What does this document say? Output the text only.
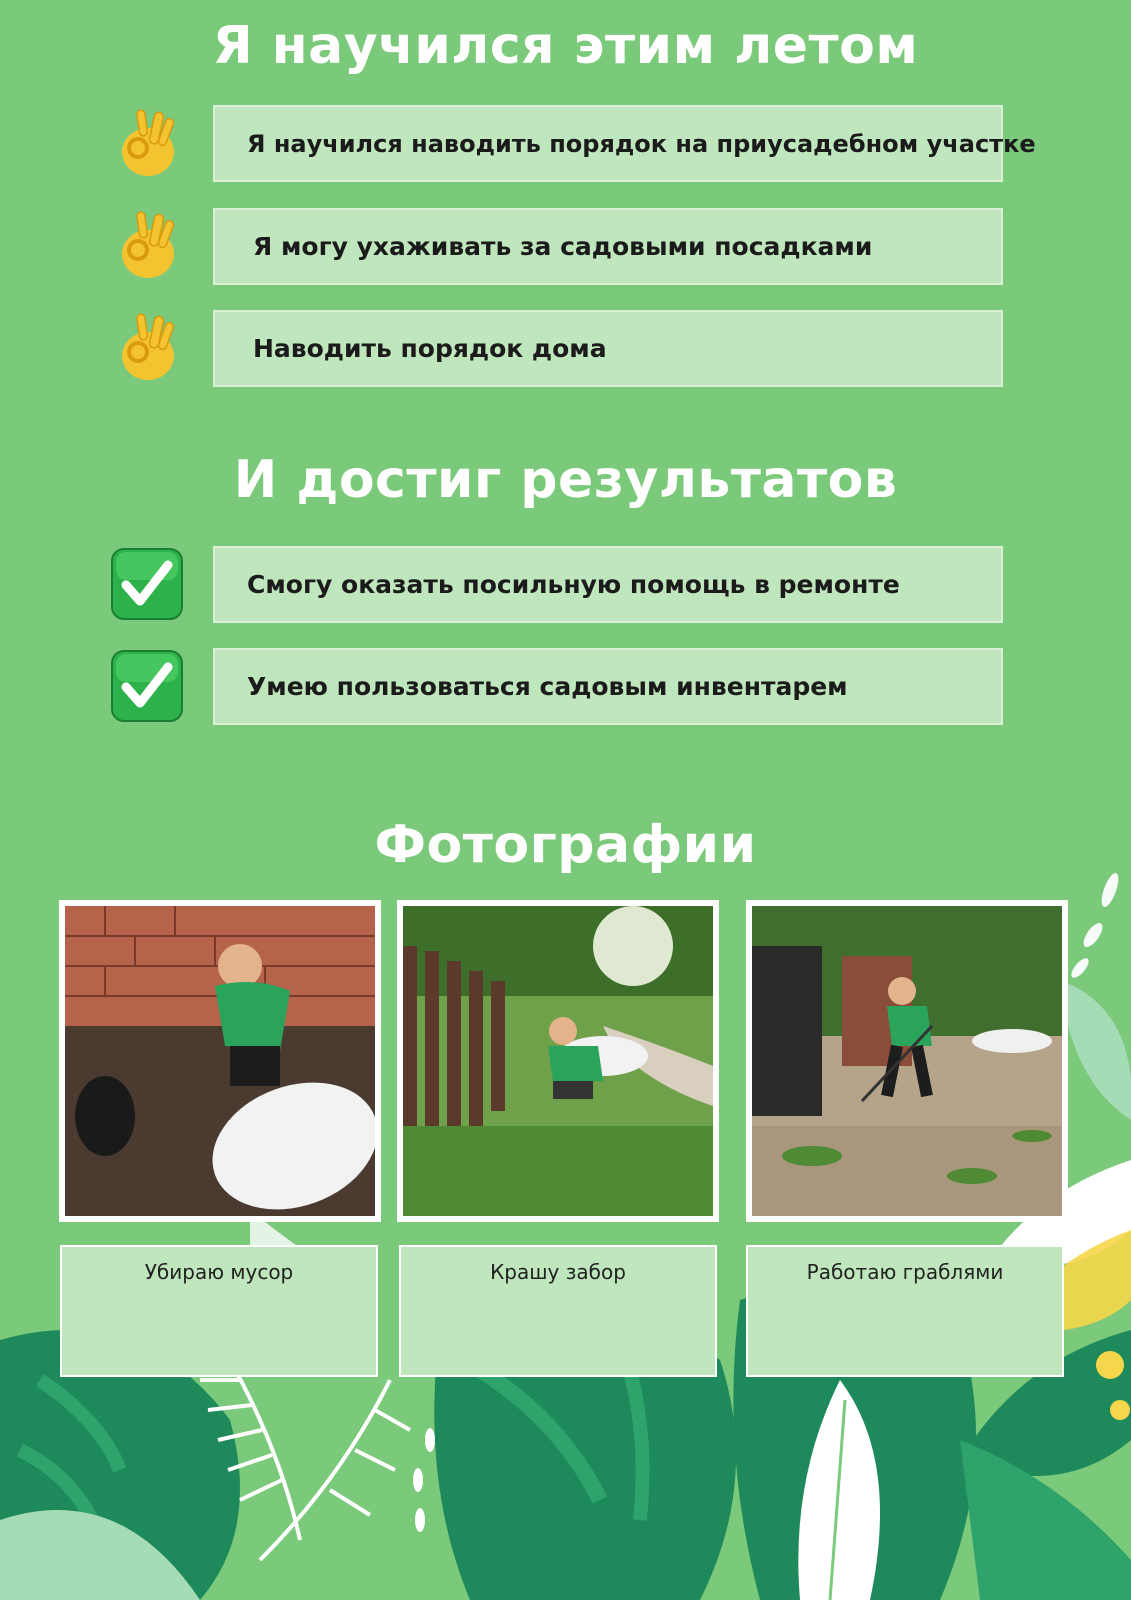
Я научился этим летом
Я научился наводить порядок на приусадебном участке
Я могу ухаживать за садовыми посадками
Наводить порядок дома
И достиг результатов
Смогу оказать посильную помощь в ремонте
Умею пользоваться садовым инвентарем
Фотографии
Убираю мусор	Крашу забор	Работаю граблями
